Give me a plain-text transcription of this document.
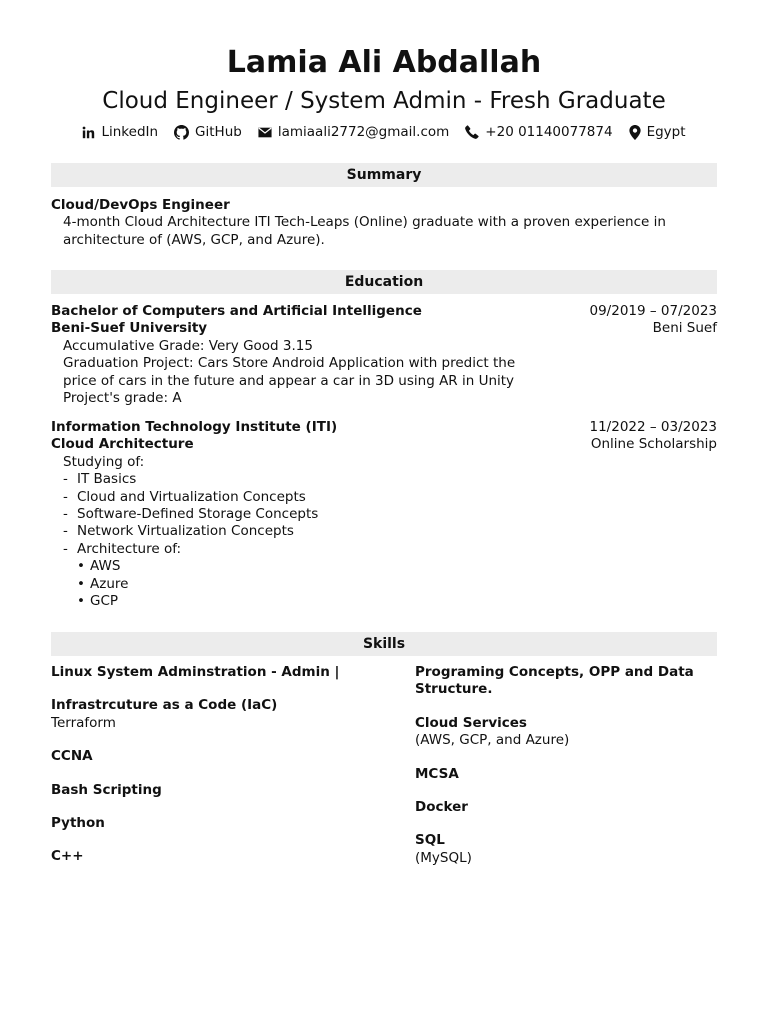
Lamia Ali Abdallah
Cloud Engineer / System Admin - Fresh Graduate
LinkedIn	GitHub	lamiaali2772@gmail.com	+20 01140077874	Egypt
Summary
Cloud/DevOps Engineer
4-month Cloud Architecture ITI Tech-Leaps (Online) graduate with a proven experience in architecture of (AWS, GCP, and Azure).
Education
Bachelor of Computers and Artificial Intelligence	09/2019 – 07/2023
Beni-Suef University	Beni Suef
Accumulative Grade: Very Good 3.15
Graduation Project: Cars Store Android Application with predict the price of cars in the future and appear a car in 3D using AR in Unity
Project's grade: A
Information Technology Institute (ITI)	11/2022 – 03/2023
Cloud Architecture	Online Scholarship
Studying of:
- IT Basics
- Cloud and Virtualization Concepts
- Software-Defined Storage Concepts
- Network Virtualization Concepts
- Architecture of:
• AWS
• Azure
• GCP
Skills
Linux System Adminstration - Admin |
Infrastrcuture as a Code (IaC)
Terraform
CCNA
Bash Scripting
Python
C++
Programing Concepts, OPP and Data Structure.
Cloud Services
(AWS, GCP, and Azure)
MCSA
Docker
SQL
(MySQL)
